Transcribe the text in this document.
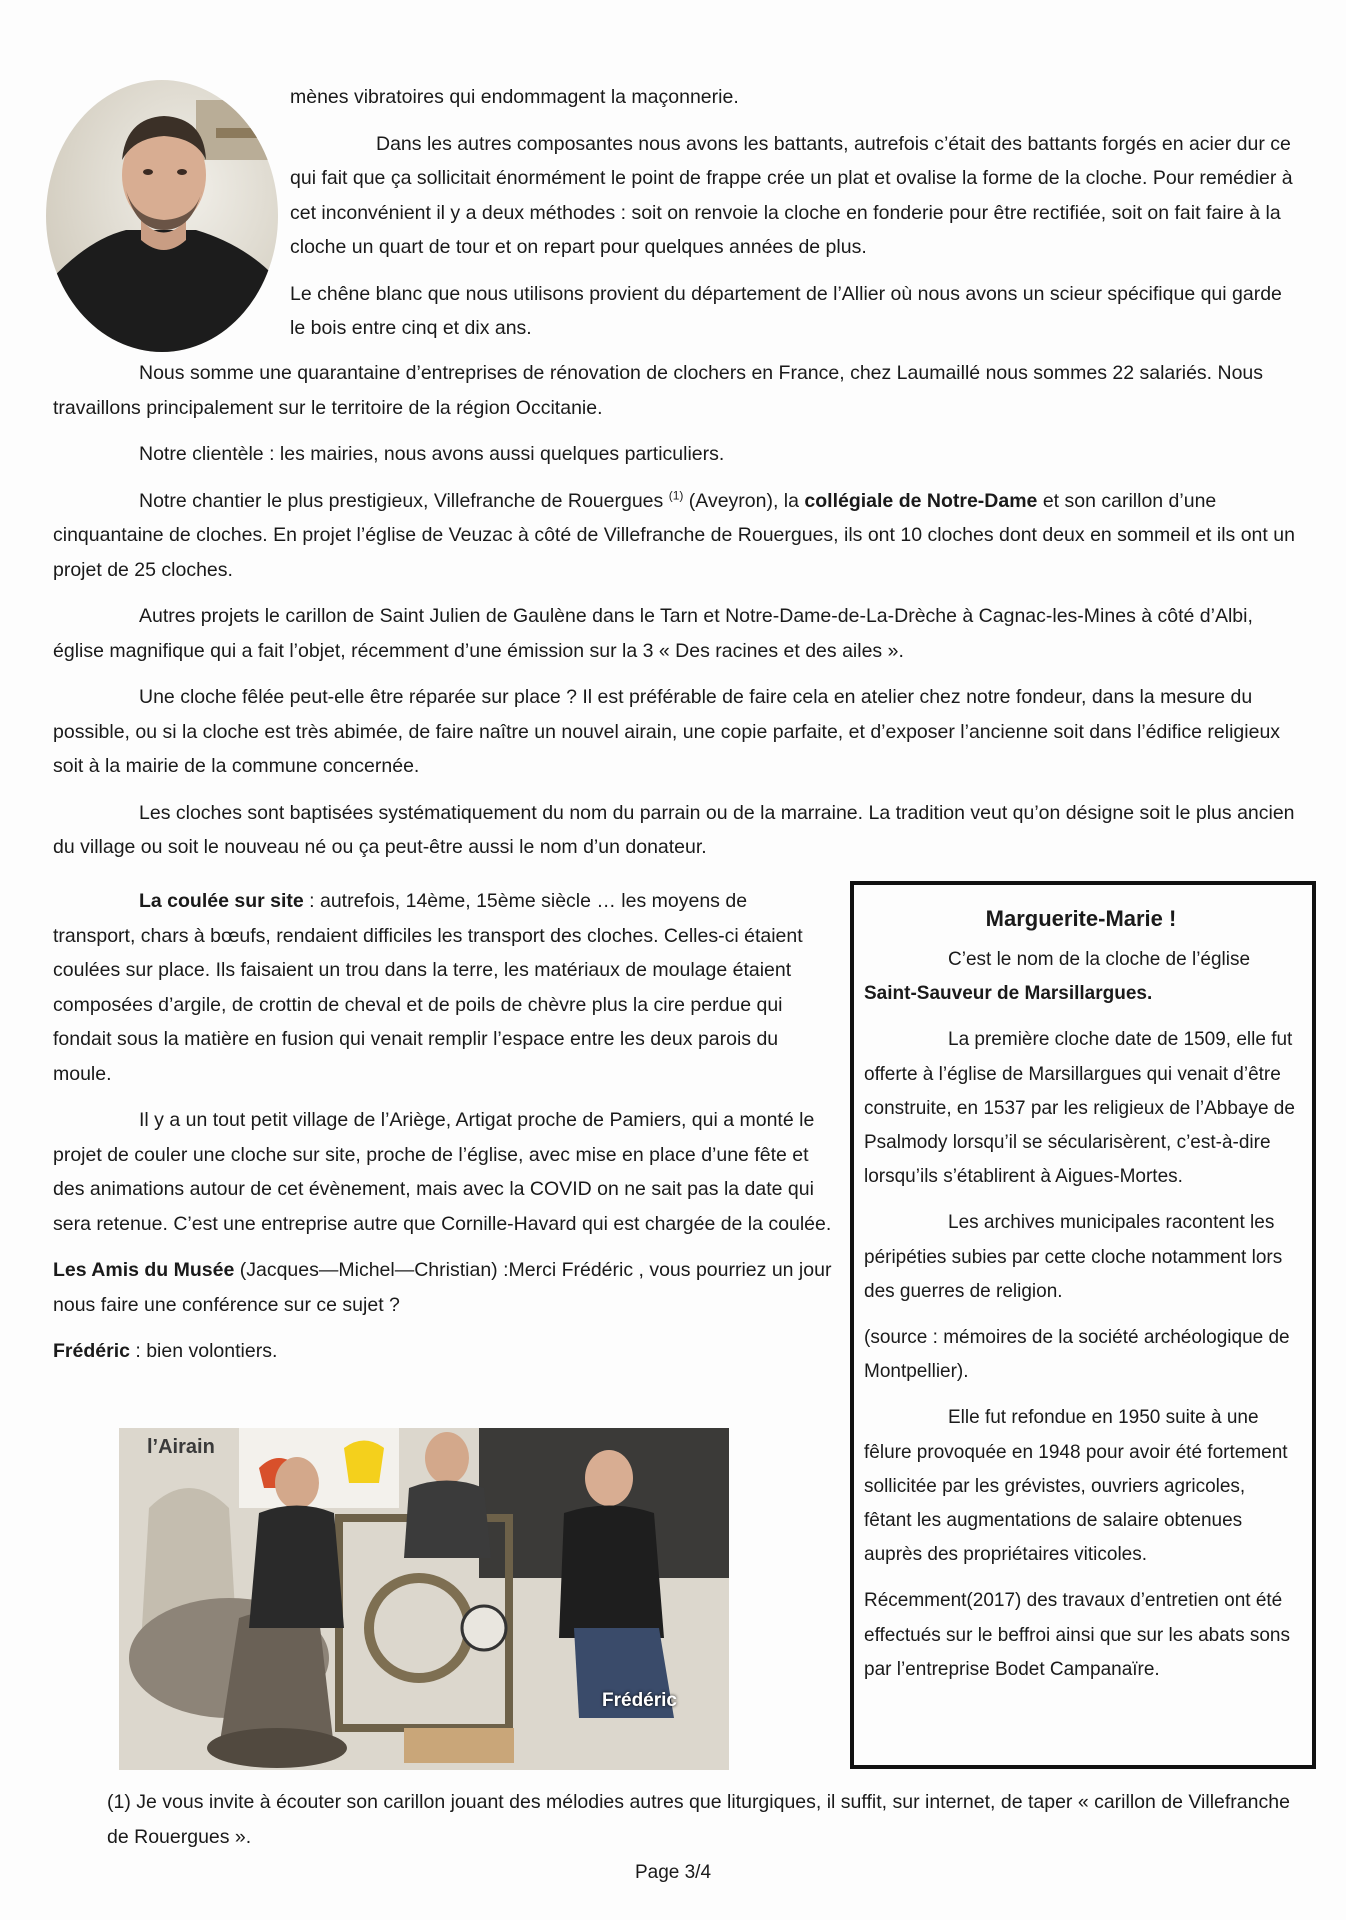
mènes vibratoires qui endommagent la maçonnerie.

Dans les autres composantes nous avons les battants, autrefois c’était des battants forgés en acier dur ce qui fait que ça sollicitait énormément le point de frappe crée un plat et ovalise la forme de la cloche. Pour remédier à cet inconvénient il y a deux méthodes : soit on renvoie la cloche en fonderie pour être rectifiée, soit on fait faire à la cloche un quart de tour et on repart pour quelques années de plus.

Le chêne blanc que nous utilisons provient du département de l’Allier où nous avons un scieur spécifique qui garde le bois entre cinq et dix ans.

Nous somme une quarantaine d’entreprises de rénovation de clochers en France, chez Laumaillé nous sommes 22 salariés. Nous travaillons principalement sur le territoire de la région Occitanie.

Notre clientèle : les mairies, nous avons aussi quelques particuliers.

Notre chantier le plus prestigieux, Villefranche de Rouergues $^{(1)}$ (Aveyron), la collégiale de Notre-Dame et son carillon d’une cinquantaine de cloches. En projet l’église de Veuzac à côté de Villefranche de Rouergues, ils ont 10 cloches dont deux en sommeil et ils ont un projet de 25 cloches.

Autres projets le carillon de Saint Julien de Gaulène dans le Tarn et Notre-Dame-de-La-Drèche à Cagnac-les-Mines à côté d’Albi, église magnifique qui a fait l’objet, récemment d’une émission sur la 3 « Des racines et des ailes ».

Une cloche fêlée peut-elle être réparée sur place ? Il est préférable de faire cela en atelier chez notre fondeur, dans la mesure du possible, ou si la cloche est très abimée, de faire naître un nouvel airain, une copie parfaite, et d’exposer l’ancienne soit dans l’édifice religieux soit à la mairie de la commune concernée.

Les cloches sont baptisées systématiquement du nom du parrain ou de la marraine. La tradition veut qu’on désigne soit le plus ancien du village ou soit le nouveau né ou ça peut-être aussi le nom d’un donateur.

La coulée sur site : autrefois, 14ème, 15ème siècle … les moyens de transport, chars à bœufs, rendaient difficiles les transport des cloches. Celles-ci étaient coulées sur place. Ils faisaient un trou dans la terre, les matériaux de moulage étaient composées d’argile, de crottin de cheval et de poils de chèvre plus la cire perdue qui fondait sous la matière en fusion qui venait remplir l’espace entre les deux parois du moule.

Il y a un tout petit village de l’Ariège, Artigat proche de Pamiers, qui a monté le projet de couler une cloche sur site, proche de l’église, avec mise en place d’une fête et des animations autour de cet évènement, mais avec la COVID on ne sait pas la date qui sera retenue. C’est une entreprise autre que Cornille-Havard qui est chargée de la coulée.

Les Amis du Musée (Jacques—Michel—Christian) :Merci Frédéric , vous pourriez un jour nous faire une conférence sur ce sujet ?

Frédéric : bien volontiers.

l’Airain
Frédéric
Marguerite-Marie !

C’est le nom de la cloche de l’église Saint-Sauveur de Marsillargues.

La première cloche date de 1509, elle fut offerte à l’église de Marsillargues qui venait d’être construite, en 1537 par les religieux de l’Abbaye de Psalmody lorsqu’il se sécularisèrent, c’est-à-dire lorsqu’ils s’établirent à Aigues-Mortes.

Les archives municipales racontent les péripéties subies par cette cloche notamment lors des guerres de religion.

(source : mémoires de la société archéologique de Montpellier).

Elle fut refondue en 1950 suite à une fêlure provoquée en 1948 pour avoir été fortement sollicitée par les grévistes, ouvriers agricoles, fêtant les augmentations de salaire obtenues auprès des propriétaires viticoles.

Récemment(2017) des travaux d’entretien ont été effectués sur le beffroi ainsi que sur les abats sons par l’entreprise Bodet Campanaïre.

(1) Je vous invite à écouter son carillon jouant des mélodies autres que liturgiques, il suffit, sur internet, de taper « carillon de Villefranche de Rouergues ».

Page 3/4
